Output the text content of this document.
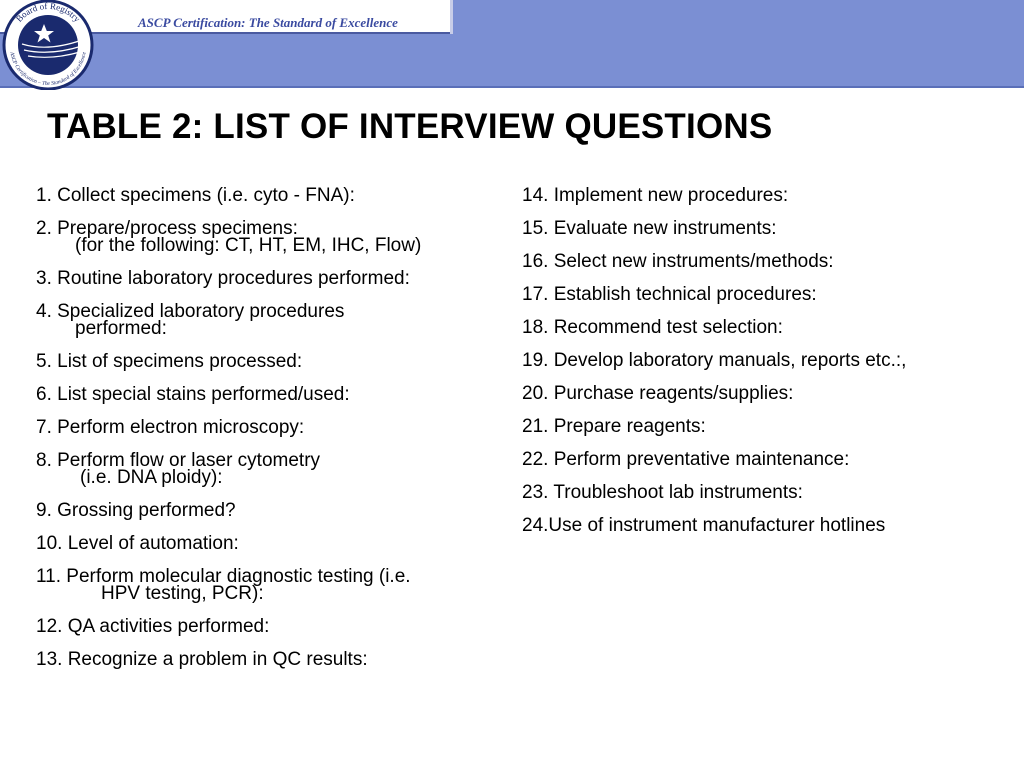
ASCP Certification: The Standard of Excellence
Board of Registry
ASCP Certification – The Standard of Excellence
TABLE 2: LIST OF INTERVIEW QUESTIONS
1. Collect specimens (i.e. cyto - FNA):
2. Prepare/process specimens:
(for the following: CT, HT, EM, IHC, Flow)
3. Routine laboratory procedures performed:
4. Specialized laboratory procedures
performed:
5. List of specimens processed:
6. List special stains performed/used:
7. Perform electron microscopy:
8. Perform flow or laser cytometry
(i.e. DNA ploidy):
9. Grossing performed?
10. Level of automation:
11. Perform molecular diagnostic testing (i.e.
HPV testing, PCR):
12. QA activities performed:
13. Recognize a problem in QC results:
14. Implement new procedures:
15. Evaluate new instruments:
16. Select new instruments/methods:
17. Establish technical procedures:
18. Recommend test selection:
19. Develop laboratory manuals, reports etc.:,
20. Purchase reagents/supplies:
21. Prepare reagents:
22. Perform preventative maintenance:
23. Troubleshoot lab instruments:
24.Use of instrument manufacturer hotlines
